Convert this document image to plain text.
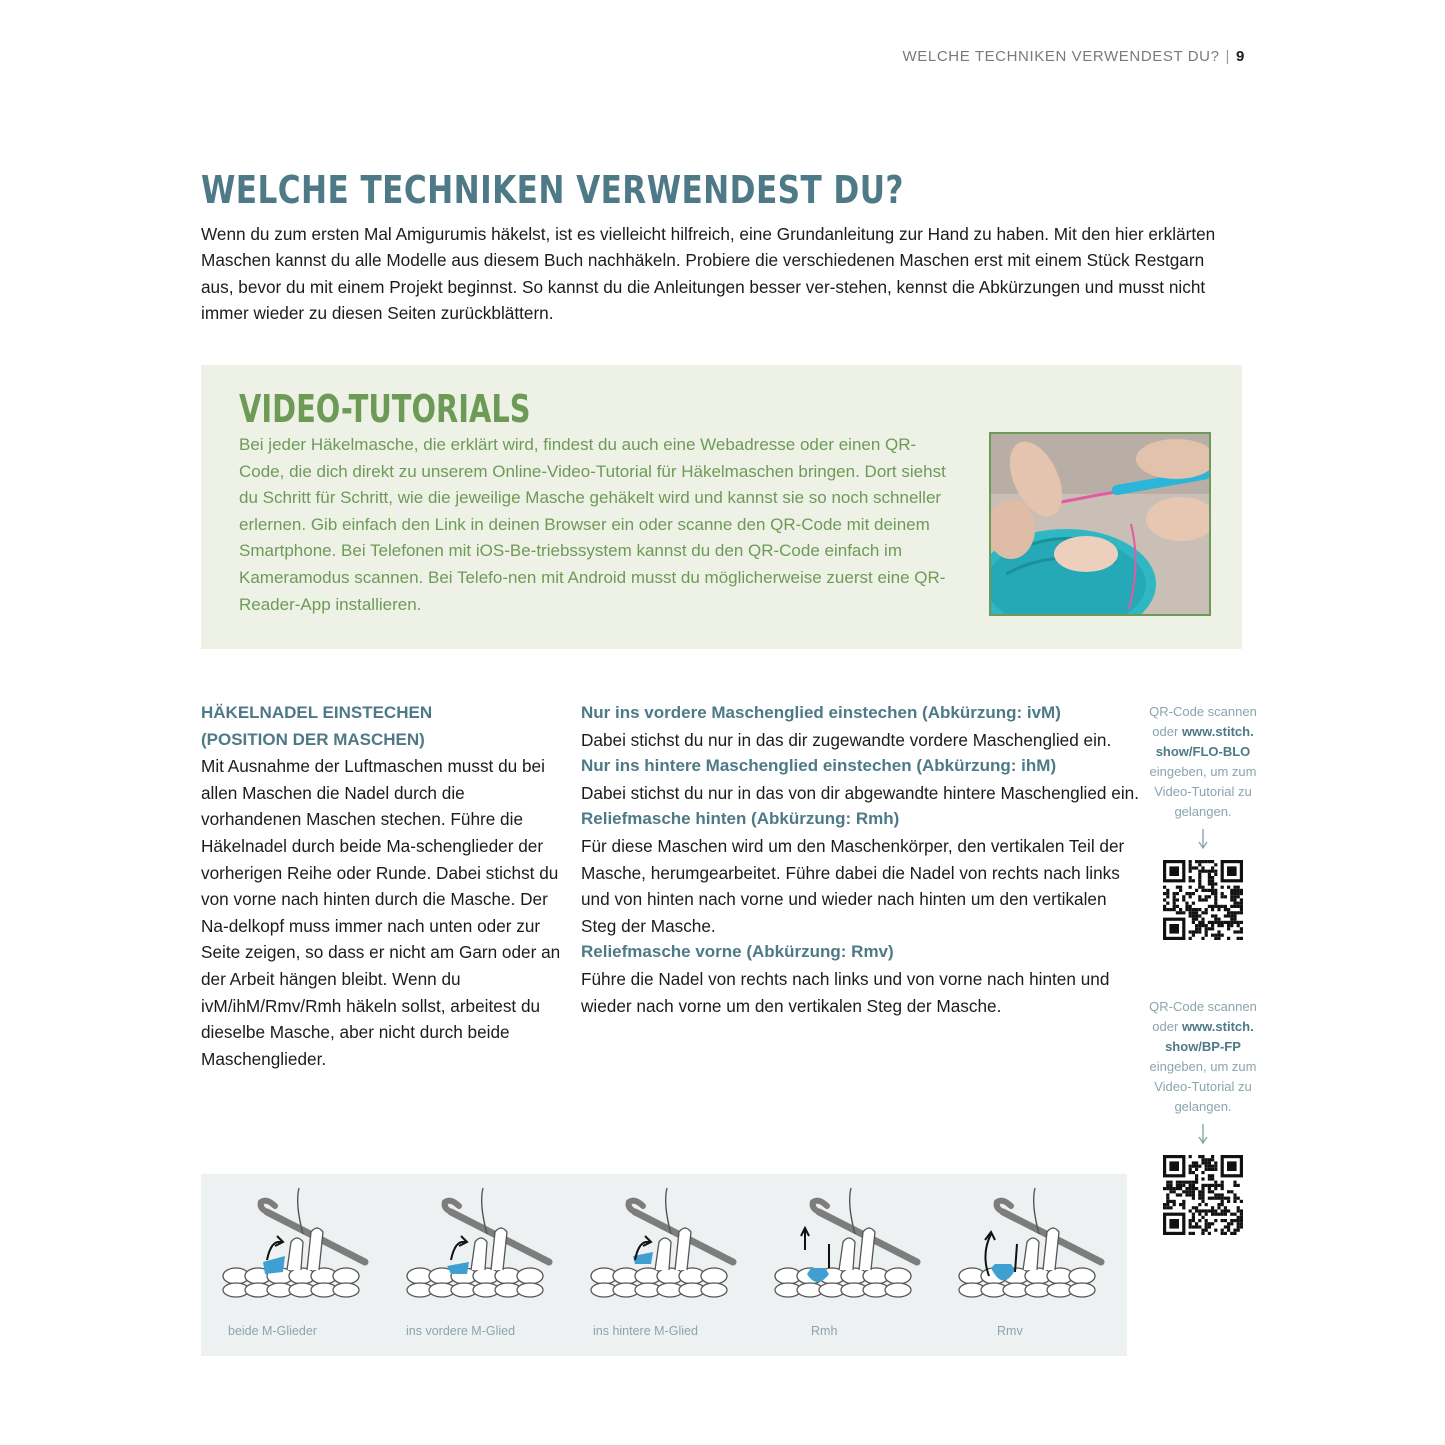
WELCHE TECHNIKEN VERWENDEST DU? | 9
WELCHE TECHNIKEN VERWENDEST DU?

Wenn du zum ersten Mal Amigurumis häkelst, ist es vielleicht hilfreich, eine Grundanleitung zur Hand zu haben. Mit den hier erklärten Maschen kannst du alle Modelle aus diesem Buch nachhäkeln. Probiere die verschiedenen Maschen erst mit einem Stück Restgarn aus, bevor du mit einem Projekt beginnst. So kannst du die Anleitungen besser ver-stehen, kennst die Abkürzungen und musst nicht immer wieder zu diesen Seiten zurückblättern.

VIDEO-TUTORIALS

Bei jeder Häkelmasche, die erklärt wird, findest du auch eine Webadresse oder einen QR-Code, die dich direkt zu unserem Online-Video-Tutorial für Häkelmaschen bringen. Dort siehst du Schritt für Schritt, wie die jeweilige Masche gehäkelt wird und kannst sie so noch schneller erlernen. Gib einfach den Link in deinen Browser ein oder scanne den QR-Code mit deinem Smartphone. Bei Telefonen mit iOS-Be-triebssystem kannst du den QR-Code einfach im Kameramodus scannen. Bei Telefo-nen mit Android musst du möglicherweise zuerst eine QR-Reader-App installieren.

HÄKELNADEL EINSTECHEN

(POSITION DER MASCHEN)

Mit Ausnahme der Luftmaschen musst du bei allen Maschen die Nadel durch die vorhandenen Maschen stechen. Führe die Häkelnadel durch beide Ma-schenglieder der vorherigen Reihe oder Runde. Dabei stichst du von vorne nach hinten durch die Masche. Der Na-delkopf muss immer nach unten oder zur Seite zeigen, so dass er nicht am Garn oder an der Arbeit hängen bleibt. Wenn du ivM/ihM/Rmv/Rmh häkeln sollst, arbeitest du dieselbe Masche, aber nicht durch beide Maschenglieder.

Nur ins vordere Maschenglied einstechen (Abkürzung: ivM)

Dabei stichst du nur in das dir zugewandte vordere Maschenglied ein.

Nur ins hintere Maschenglied einstechen (Abkürzung: ihM)

Dabei stichst du nur in das von dir abgewandte hintere Maschenglied ein.

Reliefmasche hinten (Abkürzung: Rmh)

Für diese Maschen wird um den Maschenkörper, den vertikalen Teil der Masche, herumgearbeitet. Führe dabei die Nadel von rechts nach links und von hinten nach vorne und wieder nach hinten um den vertikalen Steg der Masche.

Reliefmasche vorne (Abkürzung: Rmv)

Führe die Nadel von rechts nach links und von vorne nach hinten und wieder nach vorne um den vertikalen Steg der Masche.

QR-Code scannen
oder www.stitch.
show/FLO-BLO
eingeben, um zum
Video-Tutorial zu
gelangen.
QR-Code scannen
oder www.stitch.
show/BP-FP
eingeben, um zum
Video-Tutorial zu
gelangen.
beide M-Glieder	ins vordere M-Glied	ins hintere M-Glied	Rmh	Rmv
